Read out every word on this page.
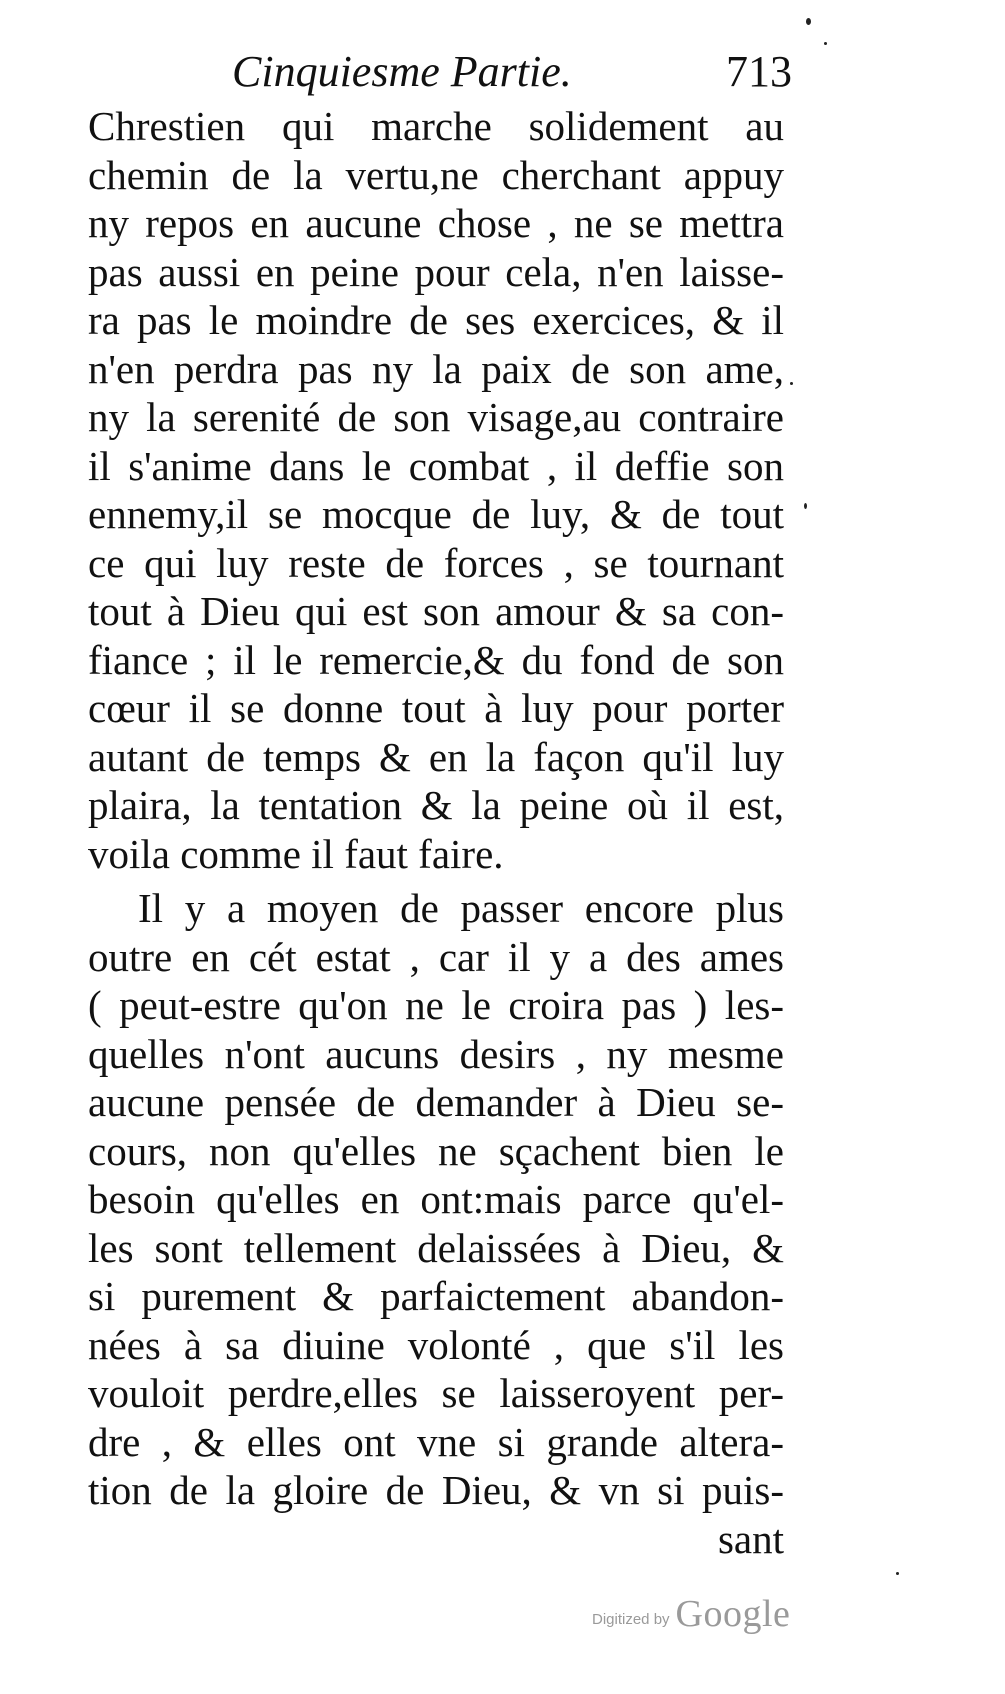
Cinquiesme Partie.	713
Chrestien qui marche solidement au
chemin de la vertu,ne cherchant appuy
ny repos en aucune chose , ne se mettra
pas aussi en peine pour cela, n'en laisse-
ra pas le moindre de ses exercices, & il
n'en perdra pas ny la paix de son ame,
ny la serenité de son visage,au contraire
il s'anime dans le combat , il deffie son
ennemy,il se mocque de luy, & de tout
ce qui luy reste de forces , se tournant
tout à Dieu qui est son amour & sa con-
fiance ; il le remercie,& du fond de son
cœur il se donne tout à luy pour porter
autant de temps & en la façon qu'il luy
plaira, la tentation & la peine où il est,
voila comme il faut faire.
Il y a moyen de passer encore plus
outre en cét estat , car il y a des ames
( peut-estre qu'on ne le croira pas ) les-
quelles n'ont aucuns desirs , ny mesme
aucune pensée de demander à Dieu se-
cours, non qu'elles ne sçachent bien le
besoin qu'elles en ont:mais parce qu'el-
les sont tellement delaissées à Dieu, &
si purement & parfaictement abandon-
nées à sa diuine volonté , que s'il les
vouloit perdre,elles se laisseroyent per-
dre , & elles ont vne si grande altera-
tion de la gloire de Dieu, & vn si puis-
sant
Digitized by Google
